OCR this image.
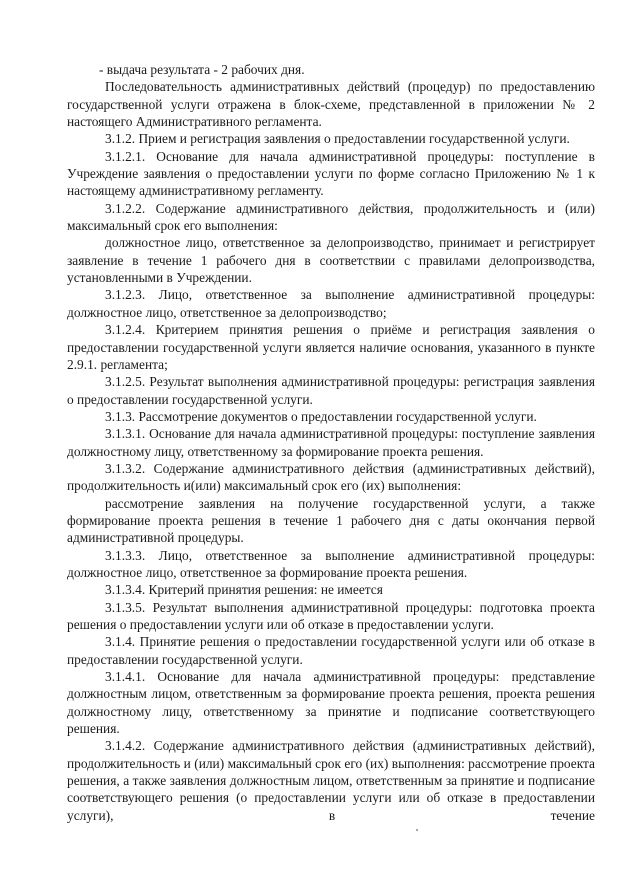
- выдача результата - 2 рабочих дня.

Последовательность административных действий (процедур) по предоставлению государственной услуги отражена в блок-схеме, представленной в приложении № 2 настоящего Административного регламента.

3.1.2. Прием и регистрация заявления о предоставлении государственной услуги.

3.1.2.1. Основание для начала административной процедуры: поступление в Учреждение заявления о предоставлении услуги по форме согласно Приложению № 1 к настоящему административному регламенту.

3.1.2.2. Содержание административного действия, продолжительность и (или) максимальный срок его выполнения:

должностное лицо, ответственное за делопроизводство, принимает и регистрирует заявление в течение 1 рабочего дня в соответствии с правилами делопроизводства, установленными в Учреждении.

3.1.2.3. Лицо, ответственное за выполнение административной процедуры: должностное лицо, ответственное за делопроизводство;

3.1.2.4. Критерием принятия решения о приёме и регистрация заявления о предоставлении государственной услуги является наличие основания, указанного в пункте 2.9.1. регламента;

3.1.2.5. Результат выполнения административной процедуры: регистрация заявления о предоставлении государственной услуги.

3.1.3. Рассмотрение документов о предоставлении государственной услуги.

3.1.3.1. Основание для начала административной процедуры: поступление заявления должностному лицу, ответственному за формирование проекта решения.

3.1.3.2. Содержание административного действия (административных действий), продолжительность и(или) максимальный срок его (их) выполнения:

рассмотрение заявления на получение государственной услуги, а также формирование проекта решения в течение 1 рабочего дня с даты окончания первой административной процедуры.

3.1.3.3. Лицо, ответственное за выполнение административной процедуры: должностное лицо, ответственное за формирование проекта решения.

3.1.3.4. Критерий принятия решения: не имеется

3.1.3.5. Результат выполнения административной процедуры: подготовка проекта решения о предоставлении услуги или об отказе в предоставлении услуги.

3.1.4. Принятие решения о предоставлении государственной услуги или об отказе в предоставлении государственной услуги.

3.1.4.1. Основание для начала административной процедуры: представление должностным лицом, ответственным за формирование проекта решения, проекта решения должностному лицу, ответственному за принятие и подписание соответствующего решения.

3.1.4.2. Содержание административного действия (административных действий), продолжительность и (или) максимальный срок его (их) выполнения: рассмотрение проекта решения, а также заявления должностным лицом, ответственным за принятие и подписание соответствующего решения (о предоставлении услуги или об отказе в предоставлении услуги), в течение
